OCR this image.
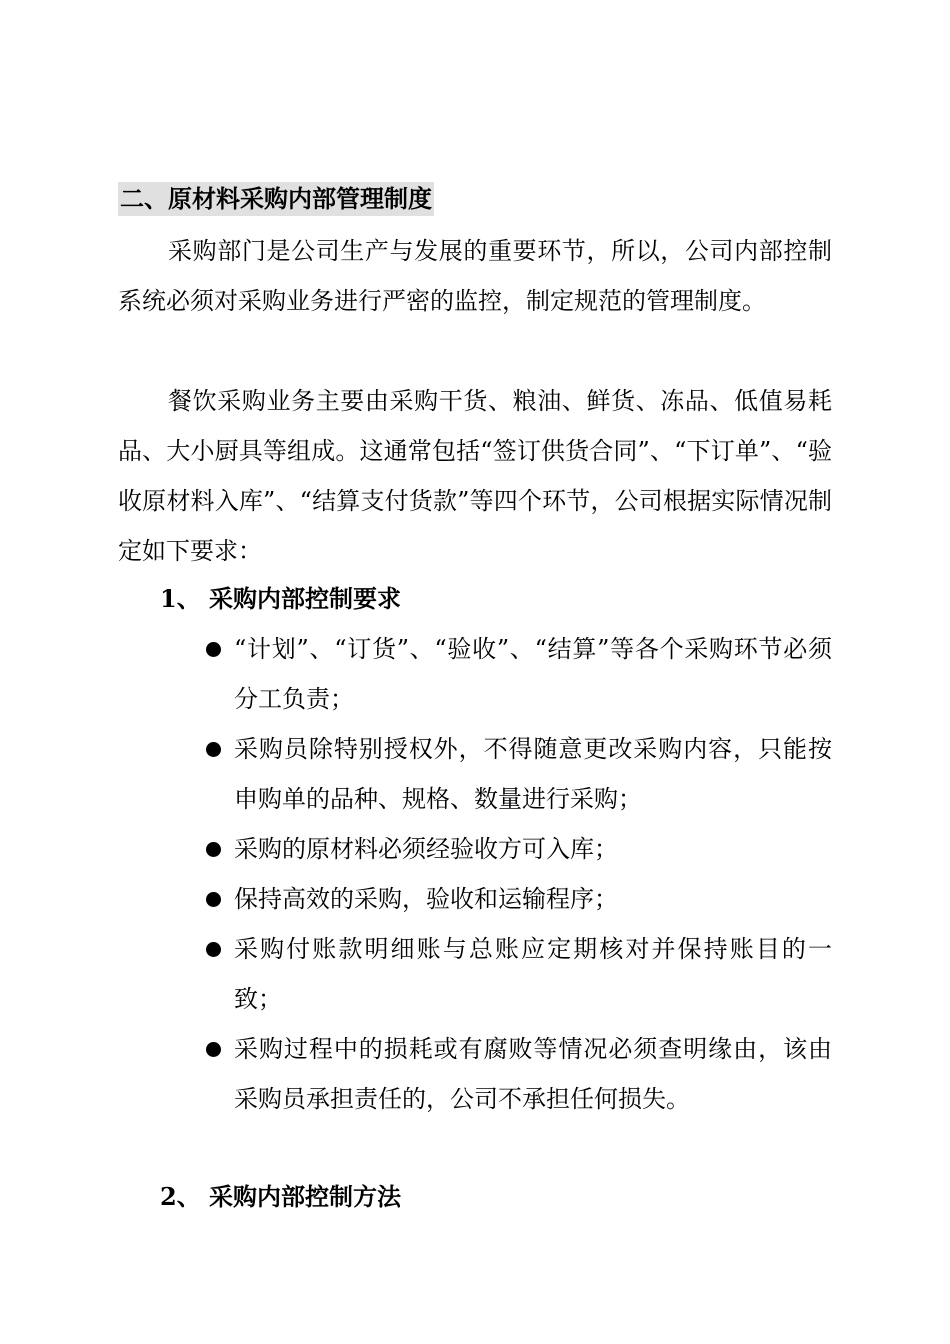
二、原材料采购内部管理制度

采购部门是公司生产与发展的重要环节，所以，公司内部控制系统必须对采购业务进行严密的监控，制定规范的管理制度。

餐饮采购业务主要由采购干货、粮油、鲜货、冻品、低值易耗品、大小厨具等组成。这通常包括“签订供货合同”、“下订单”、“验收原材料入库”、“结算支付货款”等四个环节，公司根据实际情况制定如下要求：

1、 采购内部控制要求
“计划”、“订货”、“验收”、“结算”等各个采购环节必须分工负责；
采购员除特别授权外，不得随意更改采购内容，只能按申购单的品种、规格、数量进行采购；
采购的原材料必须经验收方可入库；
保持高效的采购，验收和运输程序；
采购付账款明细账与总账应定期核对并保持账目的一致；
采购过程中的损耗或有腐败等情况必须查明缘由，该由采购员承担责任的，公司不承担任何损失。
2、 采购内部控制方法
